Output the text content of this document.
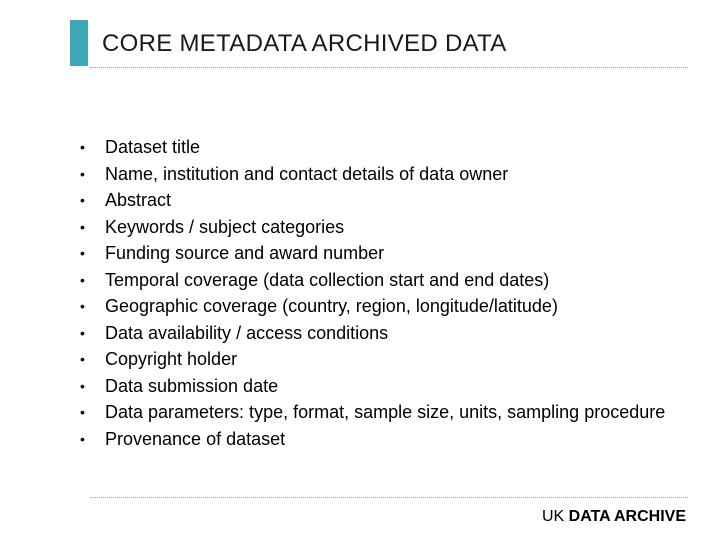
CORE METADATA ARCHIVED DATA
• Dataset title
• Name, institution and contact details of data owner
• Abstract
• Keywords / subject categories
• Funding source and award number
• Temporal coverage (data collection start and end dates)
• Geographic coverage (country, region, longitude/latitude)
• Data availability / access conditions
• Copyright holder
• Data submission date
• Data parameters: type, format, sample size, units, sampling procedure
• Provenance of dataset
UK DATA ARCHIVE
